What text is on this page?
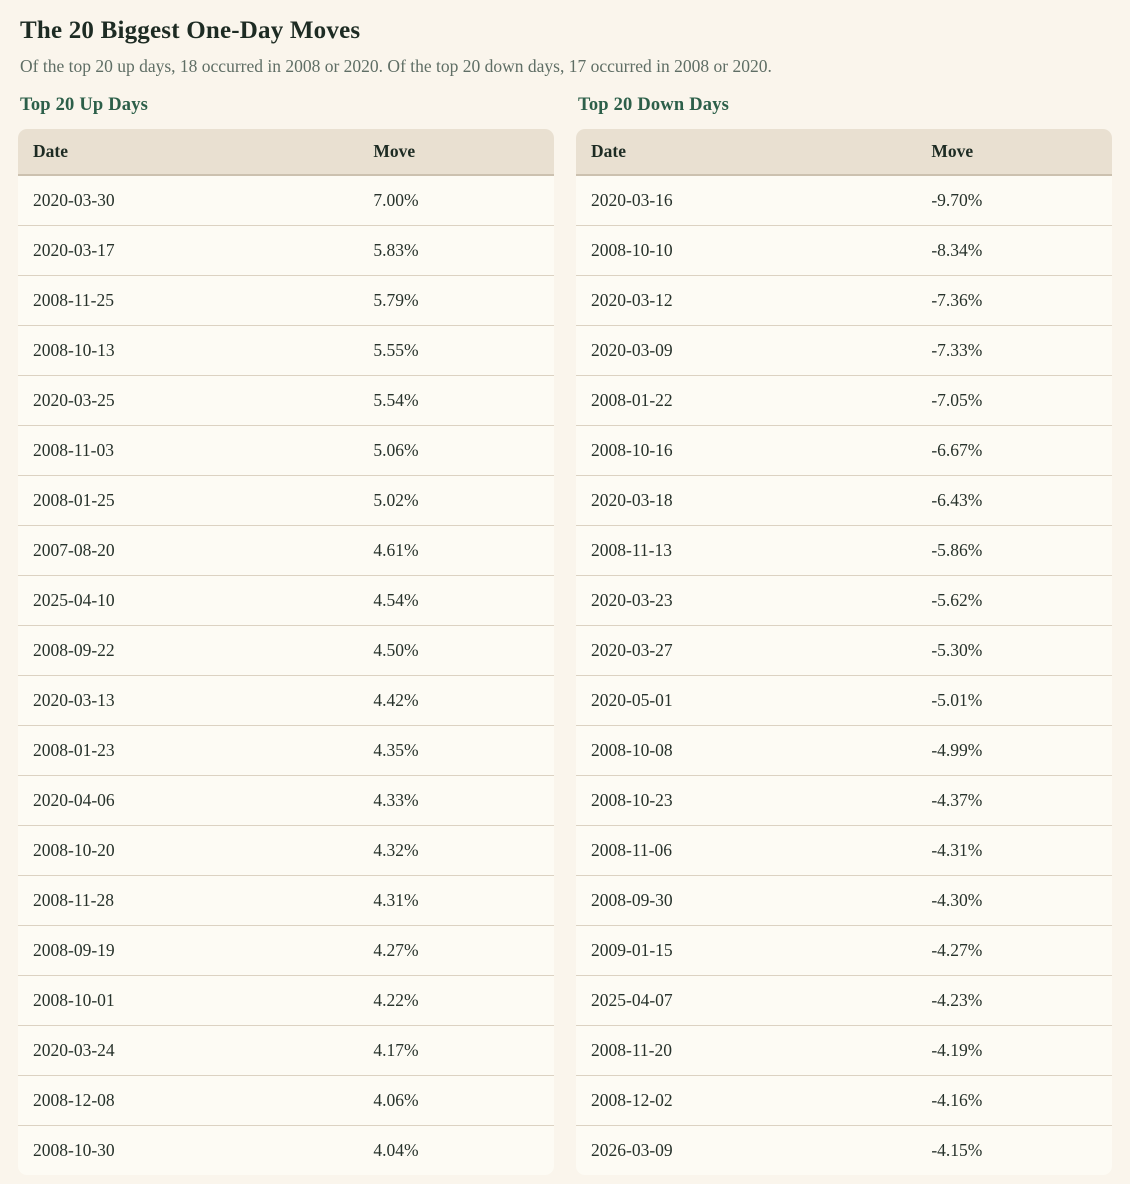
The 20 Biggest One-Day Moves

Of the top 20 up days, 18 occurred in 2008 or 2020. Of the top 20 down days, 17 occurred in 2008 or 2020.

Top 20 Up Days
Date	Move
2020-03-30	7.00%
2020-03-17	5.83%
2008-11-25	5.79%
2008-10-13	5.55%
2020-03-25	5.54%
2008-11-03	5.06%
2008-01-25	5.02%
2007-08-20	4.61%
2025-04-10	4.54%
2008-09-22	4.50%
2020-03-13	4.42%
2008-01-23	4.35%
2020-04-06	4.33%
2008-10-20	4.32%
2008-11-28	4.31%
2008-09-19	4.27%
2008-10-01	4.22%
2020-03-24	4.17%
2008-12-08	4.06%
2008-10-30	4.04%
Top 20 Down Days
Date	Move
2020-03-16	-9.70%
2008-10-10	-8.34%
2020-03-12	-7.36%
2020-03-09	-7.33%
2008-01-22	-7.05%
2008-10-16	-6.67%
2020-03-18	-6.43%
2008-11-13	-5.86%
2020-03-23	-5.62%
2020-03-27	-5.30%
2020-05-01	-5.01%
2008-10-08	-4.99%
2008-10-23	-4.37%
2008-11-06	-4.31%
2008-09-30	-4.30%
2009-01-15	-4.27%
2025-04-07	-4.23%
2008-11-20	-4.19%
2008-12-02	-4.16%
2026-03-09	-4.15%
